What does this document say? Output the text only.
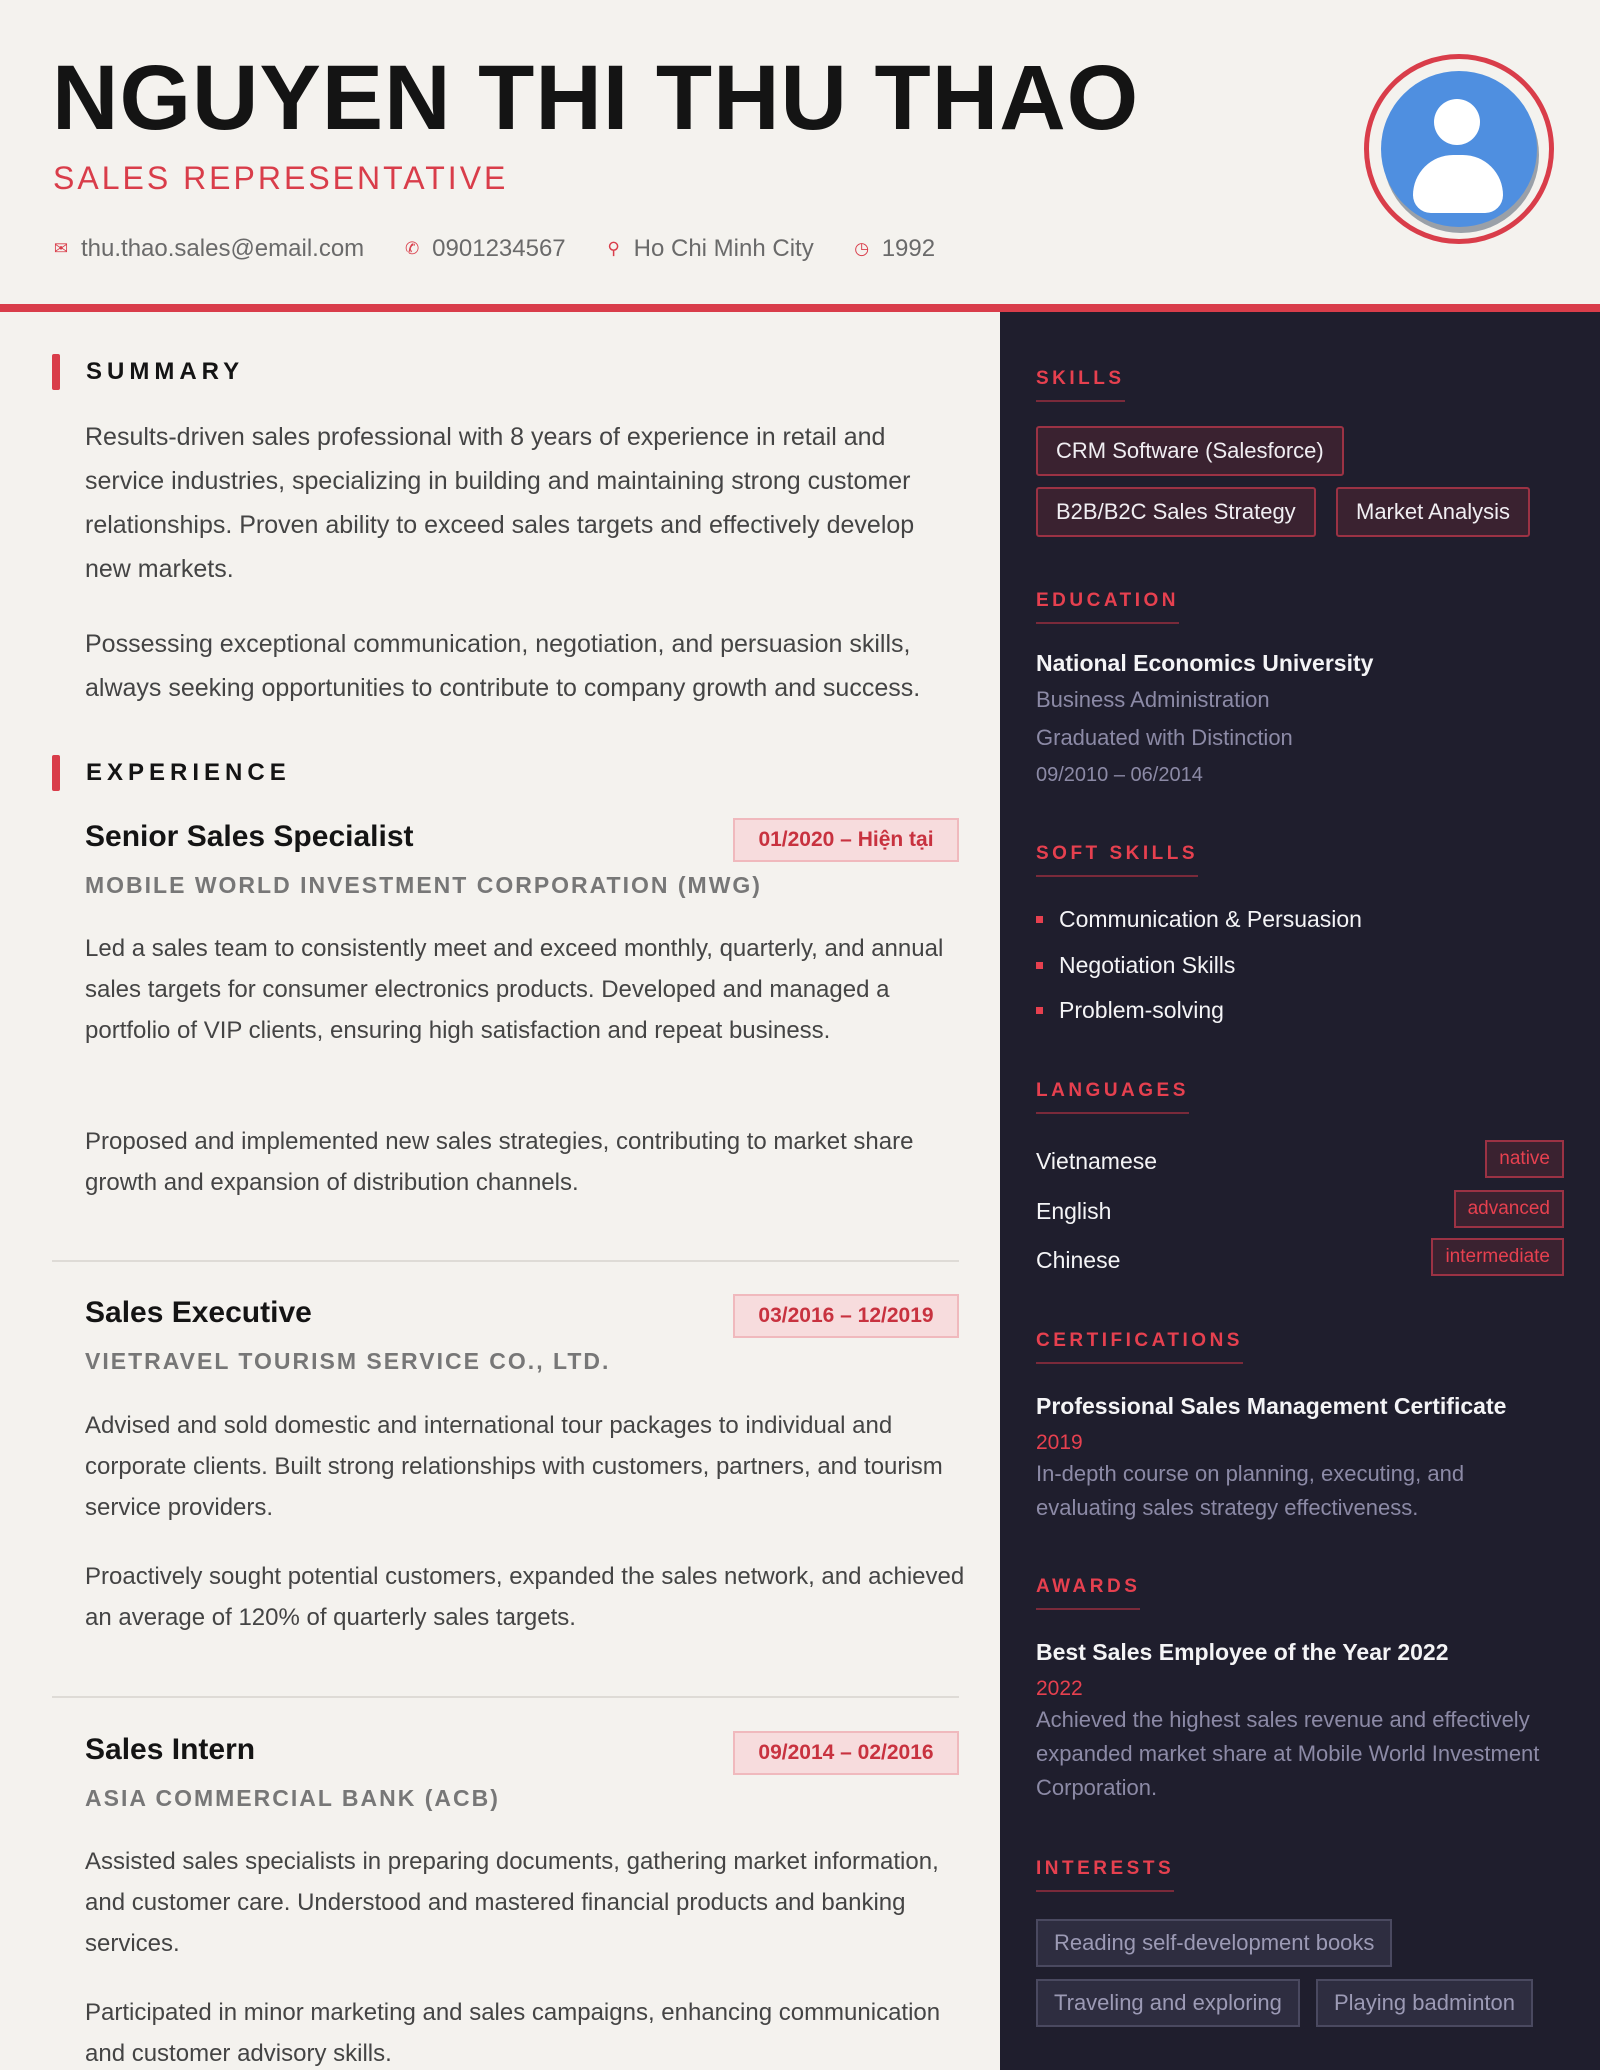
NGUYEN THI THU THAO
SALES REPRESENTATIVE
✉ thu.thao.sales@email.com ✆ 0901234567 ⚲ Ho Chi Minh City ◷ 1992
SUMMARY
Results-driven sales professional with 8 years of experience in retail and service industries, specializing in building and maintaining strong customer relationships. Proven ability to exceed sales targets and effectively develop new markets.
Possessing exceptional communication, negotiation, and persuasion skills, always seeking opportunities to contribute to company growth and success.
EXPERIENCE
Senior Sales Specialist	01/2020 – Hiện tại
MOBILE WORLD INVESTMENT CORPORATION (MWG)
Led a sales team to consistently meet and exceed monthly, quarterly, and annual sales targets for consumer electronics products. Developed and managed a portfolio of VIP clients, ensuring high satisfaction and repeat business.
Proposed and implemented new sales strategies, contributing to market share growth and expansion of distribution channels.
Sales Executive	03/2016 – 12/2019
VIETRAVEL TOURISM SERVICE CO., LTD.
Advised and sold domestic and international tour packages to individual and corporate clients. Built strong relationships with customers, partners, and tourism service providers.
Proactively sought potential customers, expanded the sales network, and achieved an average of 120% of quarterly sales targets.
Sales Intern	09/2014 – 02/2016
ASIA COMMERCIAL BANK (ACB)
Assisted sales specialists in preparing documents, gathering market information, and customer care. Understood and mastered financial products and banking services.
Participated in minor marketing and sales campaigns, enhancing communication and customer advisory skills.
SKILLS
CRM Software (Salesforce)
B2B/B2C Sales Strategy	Market Analysis
EDUCATION
National Economics University
Business Administration
Graduated with Distinction
09/2010 – 06/2014
SOFT SKILLS
Communication & Persuasion
Negotiation Skills
Problem-solving
LANGUAGES
Vietnamese	native
English	advanced
Chinese	intermediate
CERTIFICATIONS
Professional Sales Management Certificate
2019
In-depth course on planning, executing, and evaluating sales strategy effectiveness.
AWARDS
Best Sales Employee of the Year 2022
2022
Achieved the highest sales revenue and effectively expanded market share at Mobile World Investment Corporation.
INTERESTS
Reading self-development books
Traveling and exploring	Playing badminton
